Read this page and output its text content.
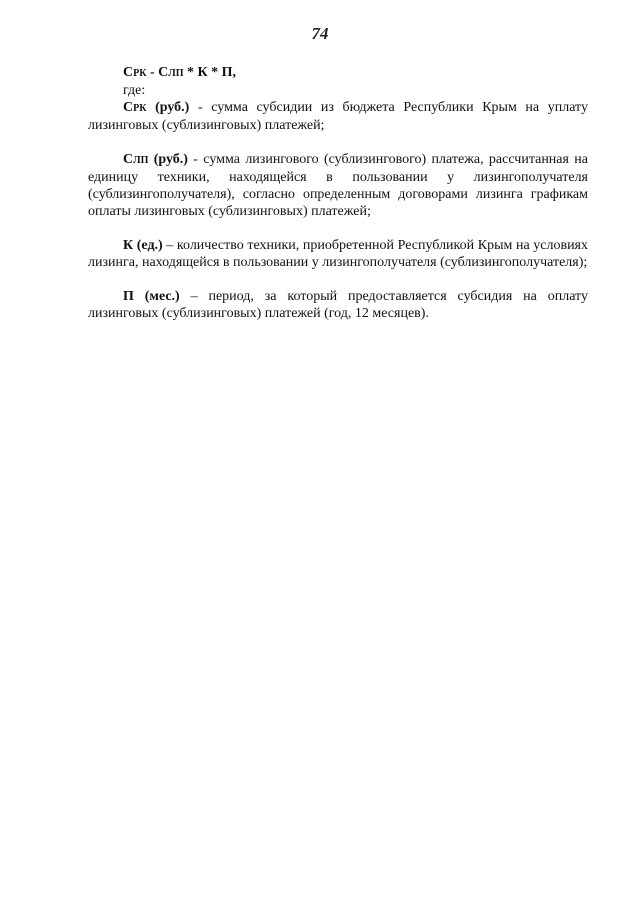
74
СРК - СЛП * К * П,
где:

СРК (руб.) - сумма субсидии из бюджета Республики Крым на уплату лизинговых (сублизинговых) платежей;

СЛП (руб.) - сумма лизингового (сублизингового) платежа, рассчитанная на единицу техники, находящейся в пользовании у лизингополучателя (сублизингополучателя), согласно определенным договорами лизинга графикам оплаты лизинговых (сублизинговых) платежей;

К (ед.) – количество техники, приобретенной Республикой Крым на условиях лизинга, находящейся в пользовании у лизингополучателя (сублизингополучателя);

П (мес.) – период, за который предоставляется субсидия на оплату лизинговых (сублизинговых) платежей (год, 12 месяцев).
